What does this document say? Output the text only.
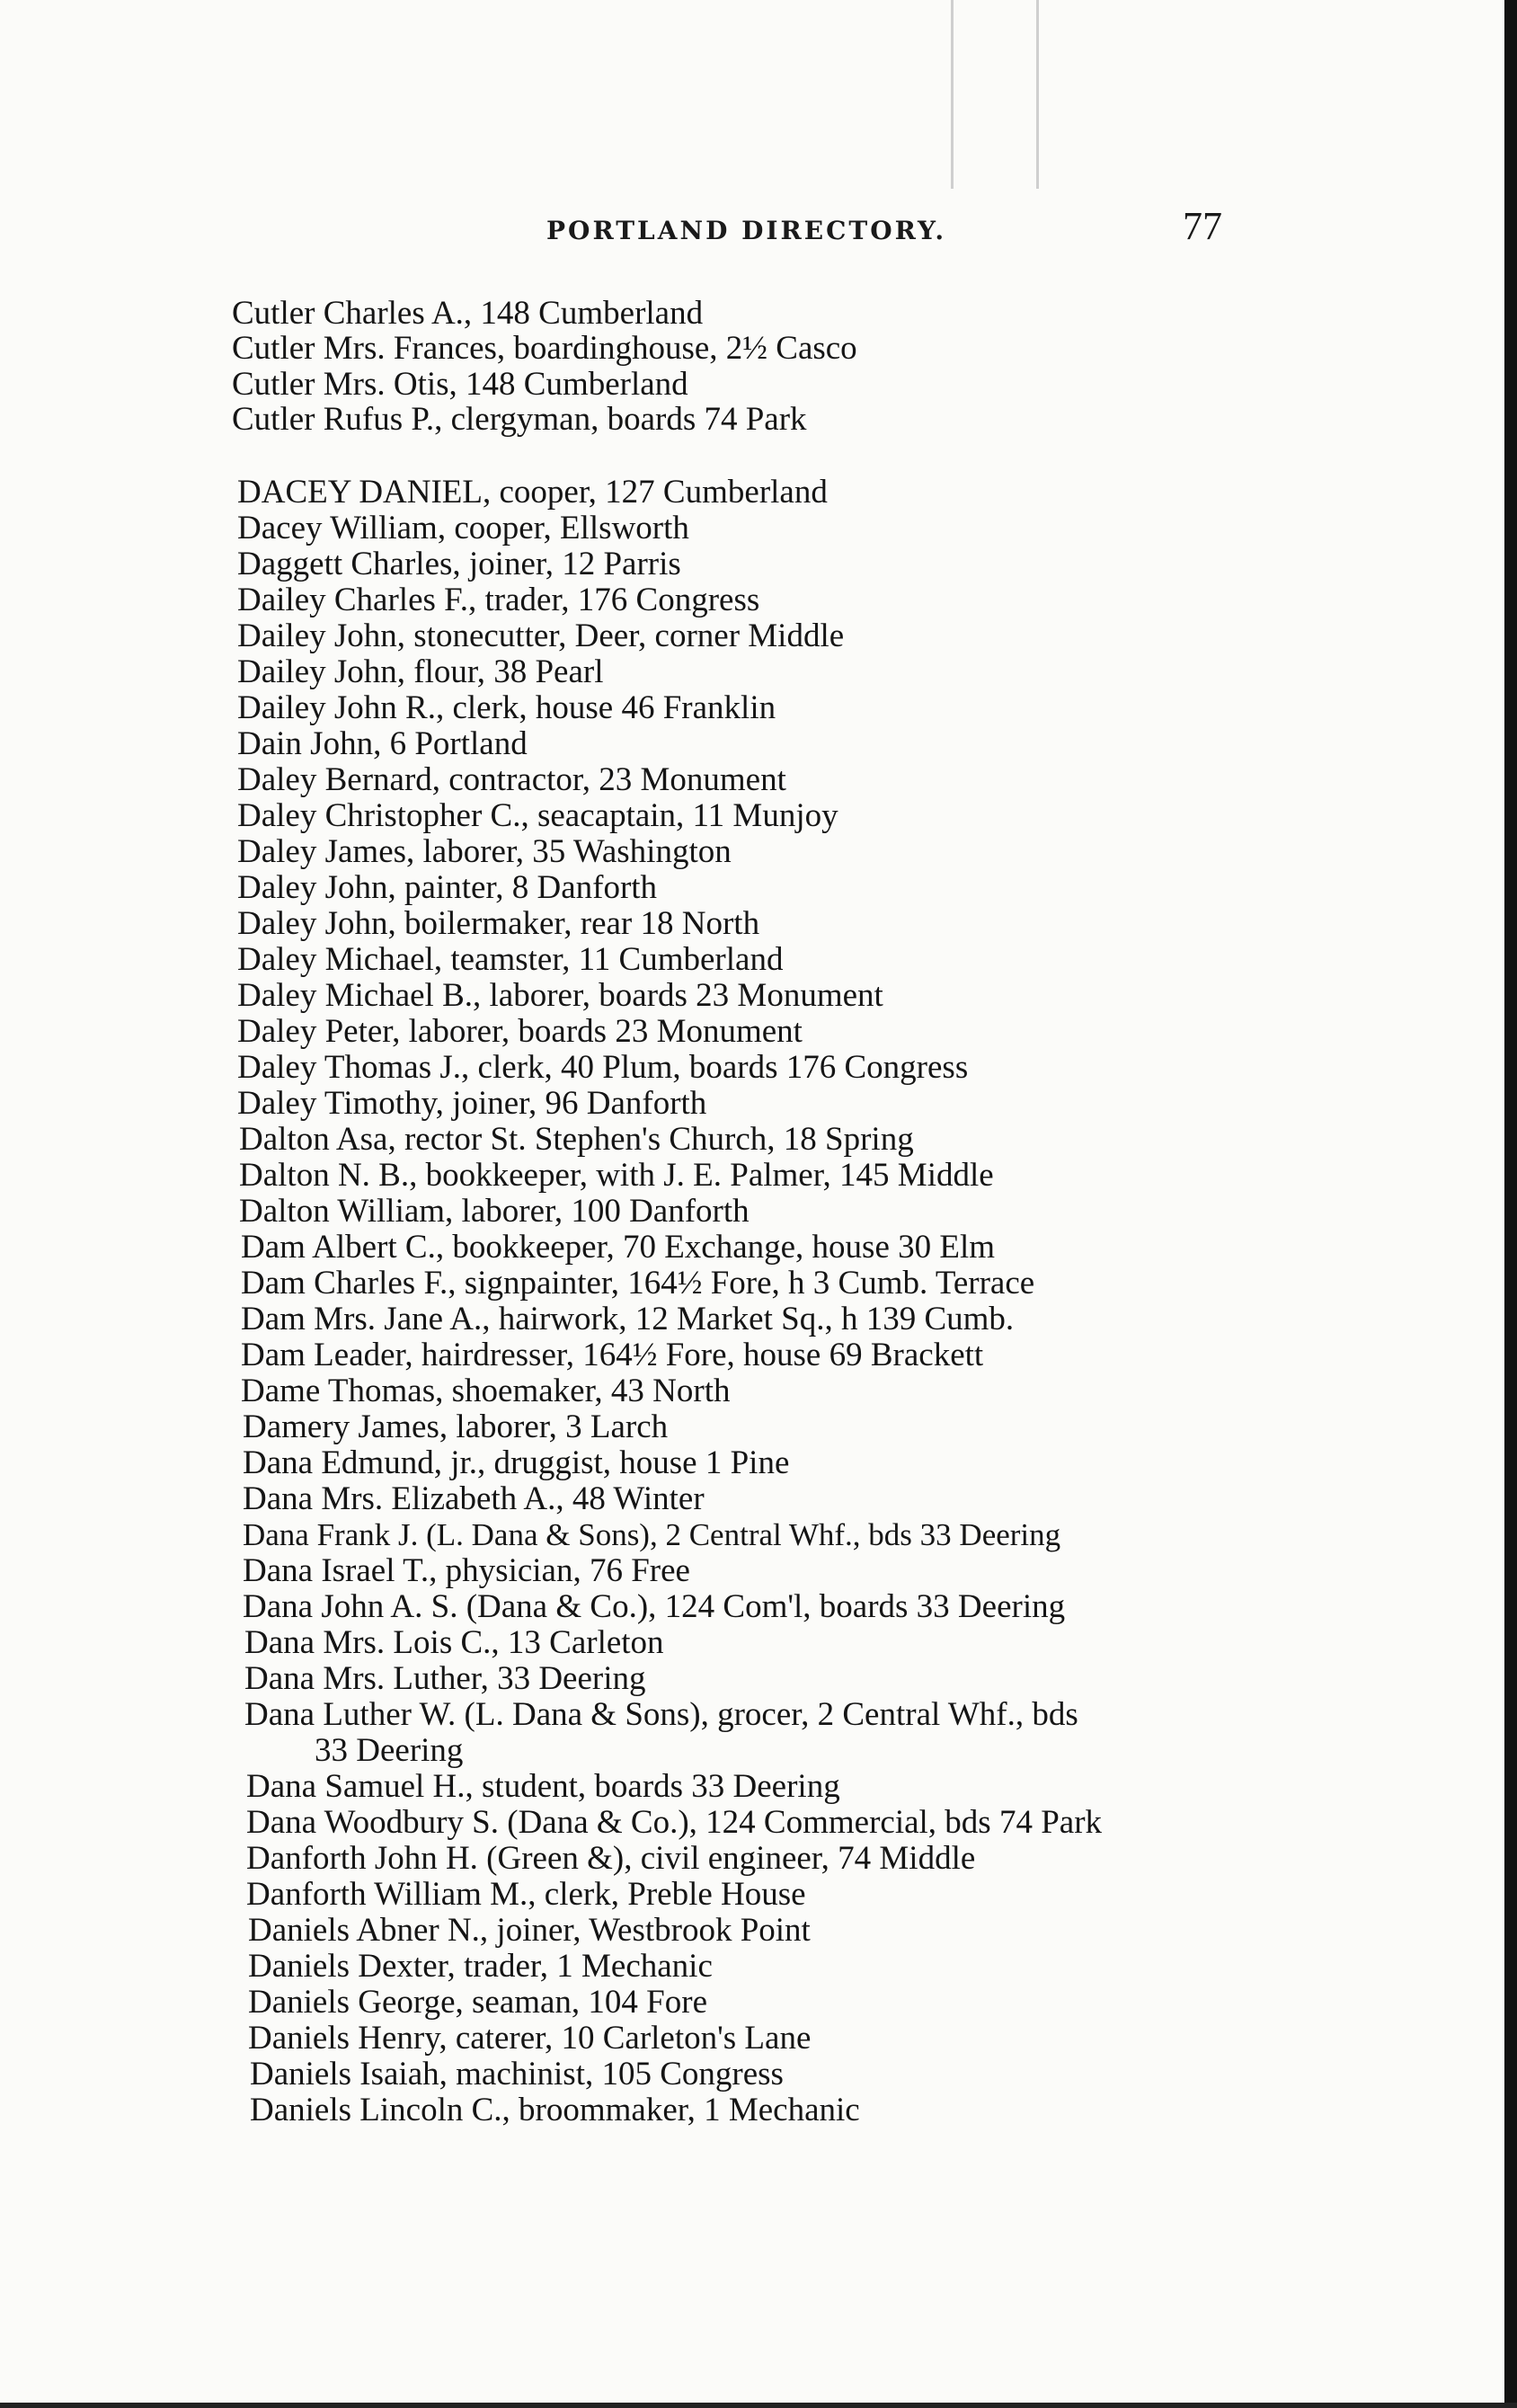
PORTLAND DIRECTORY.	77
Cutler Charles A., 148 Cumberland
Cutler Mrs. Frances, boardinghouse, 2½ Casco
Cutler Mrs. Otis, 148 Cumberland
Cutler Rufus P., clergyman, boards 74 Park
DACEY DANIEL, cooper, 127 Cumberland
Dacey William, cooper, Ellsworth
Daggett Charles, joiner, 12 Parris
Dailey Charles F., trader, 176 Congress
Dailey John, stonecutter, Deer, corner Middle
Dailey John, flour, 38 Pearl
Dailey John R., clerk, house 46 Franklin
Dain John, 6 Portland
Daley Bernard, contractor, 23 Monument
Daley Christopher C., seacaptain, 11 Munjoy
Daley James, laborer, 35 Washington
Daley John, painter, 8 Danforth
Daley John, boilermaker, rear 18 North
Daley Michael, teamster, 11 Cumberland
Daley Michael B., laborer, boards 23 Monument
Daley Peter, laborer, boards 23 Monument
Daley Thomas J., clerk, 40 Plum, boards 176 Congress
Daley Timothy, joiner, 96 Danforth
Dalton Asa, rector St. Stephen's Church, 18 Spring
Dalton N. B., bookkeeper, with J. E. Palmer, 145 Middle
Dalton William, laborer, 100 Danforth
Dam Albert C., bookkeeper, 70 Exchange, house 30 Elm
Dam Charles F., signpainter, 164½ Fore, h 3 Cumb. Terrace
Dam Mrs. Jane A., hairwork, 12 Market Sq., h 139 Cumb.
Dam Leader, hairdresser, 164½ Fore, house 69 Brackett
Dame Thomas, shoemaker, 43 North
Damery James, laborer, 3 Larch
Dana Edmund, jr., druggist, house 1 Pine
Dana Mrs. Elizabeth A., 48 Winter
Dana Frank J. (L. Dana & Sons), 2 Central Whf., bds 33 Deering
Dana Israel T., physician, 76 Free
Dana John A. S. (Dana & Co.), 124 Com'l, boards 33 Deering
Dana Mrs. Lois C., 13 Carleton
Dana Mrs. Luther, 33 Deering
Dana Luther W. (L. Dana & Sons), grocer, 2 Central Whf., bds
33 Deering
Dana Samuel H., student, boards 33 Deering
Dana Woodbury S. (Dana & Co.), 124 Commercial, bds 74 Park
Danforth John H. (Green &), civil engineer, 74 Middle
Danforth William M., clerk, Preble House
Daniels Abner N., joiner, Westbrook Point
Daniels Dexter, trader, 1 Mechanic
Daniels George, seaman, 104 Fore
Daniels Henry, caterer, 10 Carleton's Lane
Daniels Isaiah, machinist, 105 Congress
Daniels Lincoln C., broommaker, 1 Mechanic
